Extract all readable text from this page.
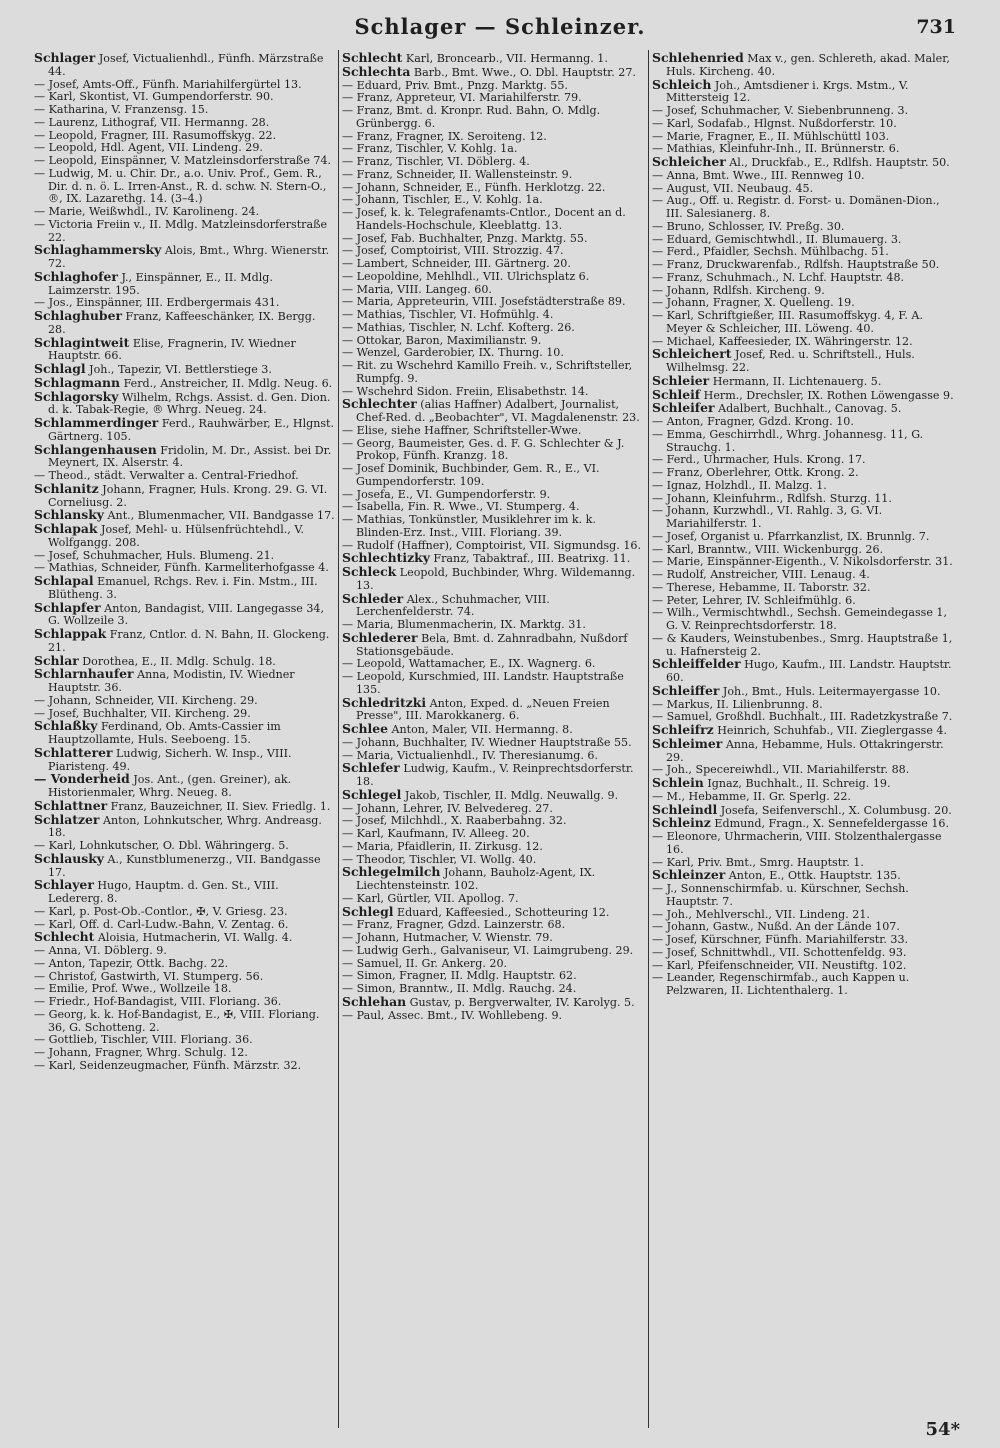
Schlager — Schleinzer.	731

Schlager Josef, Victualienhdl., Fünfh. Märzstraße 44.

— Josef, Amts-Off., Fünfh. Mariahilfergürtel 13.

— Karl, Skontist, VI. Gumpendorferstr. 90.

— Katharina, V. Franzensg. 15.

— Laurenz, Lithograf, VII. Hermanng. 28.

— Leopold, Fragner, III. Rasumoffskyg. 22.

— Leopold, Hdl. Agent, VII. Lindeng. 29.

— Leopold, Einspänner, V. Matzleinsdorferstraße 74.

— Ludwig, M. u. Chir. Dr., a.o. Univ. Prof., Gem. R., Dir. d. n. ö. L. Irren-Anst., R. d. schw. N. Stern-O., ®, IX. Lazarethg. 14. (3–4.)

— Marie, Weißwhdl., IV. Karolineng. 24.

— Victoria Freiin v., II. Mdlg. Matzleinsdorferstraße 22.

Schlaghammersky Alois, Bmt., Whrg. Wienerstr. 72.

Schlaghofer J., Einspänner, E., II. Mdlg. Laimzerstr. 195.

— Jos., Einspänner, III. Erdbergermais 431.

Schlaghuber Franz, Kaffeeschänker, IX. Bergg. 28.

Schlagintweit Elise, Fragnerin, IV. Wiedner Hauptstr. 66.

Schlagl Joh., Tapezir, VI. Bettlerstiege 3.

Schlagmann Ferd., Anstreicher, II. Mdlg. Neug. 6.

Schlagorsky Wilhelm, Rchgs. Assist. d. Gen. Dion. d. k. Tabak-Regie, ® Whrg. Neueg. 24.

Schlammerdinger Ferd., Rauhwärber, E., Hlgnst. Gärtnerg. 105.

Schlangenhausen Fridolin, M. Dr., Assist. bei Dr. Meynert, IX. Alserstr. 4.

— Theod., städt. Verwalter a. Central-Friedhof.

Schlanitz Johann, Fragner, Huls. Krong. 29. G. VI. Corneliusg. 2.

Schlansky Ant., Blumenmacher, VII. Bandgasse 17.

Schlapak Josef, Mehl- u. Hülsenfrüchtehdl., V. Wolfgangg. 208.

— Josef, Schuhmacher, Huls. Blumeng. 21.

— Mathias, Schneider, Fünfh. Karmeliterhofgasse 4.

Schlapal Emanuel, Rchgs. Rev. i. Fin. Mstm., III. Blütheng. 3.

Schlapfer Anton, Bandagist, VIII. Langegasse 34, G. Wollzeile 3.

Schlappak Franz, Cntlor. d. N. Bahn, II. Glockeng. 21.

Schlar Dorothea, E., II. Mdlg. Schulg. 18.

Schlarnhaufer Anna, Modistin, IV. Wiedner Hauptstr. 36.

— Johann, Schneider, VII. Kircheng. 29.

— Josef, Buchhalter, VII. Kircheng. 29.

Schlaßky Ferdinand, Ob. Amts-Cassier im Hauptzollamte, Huls. Seeboeng. 15.

Schlatterer Ludwig, Sicherh. W. Insp., VIII. Piaristeng. 49.

— Vonderheid Jos. Ant., (gen. Greiner), ak. Historienmaler, Whrg. Neueg. 8.

Schlattner Franz, Bauzeichner, II. Siev. Friedlg. 1.

Schlatzer Anton, Lohnkutscher, Whrg. Andreasg. 18.

— Karl, Lohnkutscher, O. Dbl. Währingerg. 5.

Schlausky A., Kunstblumenerzg., VII. Bandgasse 17.

Schlayer Hugo, Hauptm. d. Gen. St., VIII. Ledererg. 8.

— Karl, p. Post-Ob.-Contlor., ✠, V. Griesg. 23.

— Karl, Off. d. Carl-Ludw.-Bahn, V. Zentag. 6.

Schlecht Aloisia, Hutmacherin, VI. Wallg. 4.

— Anna, VI. Döblerg. 9.

— Anton, Tapezir, Ottk. Bachg. 22.

— Christof, Gastwirth, VI. Stumperg. 56.

— Emilie, Prof. Wwe., Wollzeile 18.

— Friedr., Hof-Bandagist, VIII. Floriang. 36.

— Georg, k. k. Hof-Bandagist, E., ✠, VIII. Floriang. 36, G. Schotteng. 2.

— Gottlieb, Tischler, VIII. Floriang. 36.

— Johann, Fragner, Whrg. Schulg. 12.

— Karl, Seidenzeugmacher, Fünfh. Märzstr. 32.

Schlecht Karl, Broncearb., VII. Hermanng. 1.

Schlechta Barb., Bmt. Wwe., O. Dbl. Hauptstr. 27.

— Eduard, Priv. Bmt., Pnzg. Marktg. 55.

— Franz, Appreteur, VI. Mariahilferstr. 79.

— Franz, Bmt. d. Kronpr. Rud. Bahn, O. Mdlg. Grünbergg. 6.

— Franz, Fragner, IX. Seroiteng. 12.

— Franz, Tischler, V. Kohlg. 1a.

— Franz, Tischler, VI. Döblerg. 4.

— Franz, Schneider, II. Wallensteinstr. 9.

— Johann, Schneider, E., Fünfh. Herklotzg. 22.

— Johann, Tischler, E., V. Kohlg. 1a.

— Josef, k. k. Telegrafenamts-Cntlor., Docent an d. Handels-Hochschule, Kleeblattg. 13.

— Josef, Fab. Buchhalter, Pnzg. Marktg. 55.

— Josef, Comptoirist, VIII. Strozzig. 47.

— Lambert, Schneider, III. Gärtnerg. 20.

— Leopoldine, Mehlhdl., VII. Ulrichsplatz 6.

— Maria, VIII. Langeg. 60.

— Maria, Appreteurin, VIII. Josefstädterstraße 89.

— Mathias, Tischler, VI. Hofmühlg. 4.

— Mathias, Tischler, N. Lchf. Kofterg. 26.

— Ottokar, Baron, Maximilianstr. 9.

— Wenzel, Garderobier, IX. Thurng. 10.

— Rit. zu Wschehrd Kamillo Freih. v., Schriftsteller, Rumpfg. 9.

— Wschehrd Sidon. Freiin, Elisabethstr. 14.

Schlechter (alias Haffner) Adalbert, Journalist, Chef-Red. d. „Beobachter", VI. Magdalenenstr. 23.

— Elise, siehe Haffner, Schriftsteller-Wwe.

— Georg, Baumeister, Ges. d. F. G. Schlechter & J. Prokop, Fünfh. Kranzg. 18.

— Josef Dominik, Buchbinder, Gem. R., E., VI. Gumpendorferstr. 109.

— Josefa, E., VI. Gumpendorferstr. 9.

— Isabella, Fin. R. Wwe., VI. Stumperg. 4.

— Mathias, Tonkünstler, Musiklehrer im k. k. Blinden-Erz. Inst., VIII. Floriang. 39.

— Rudolf (Haffner), Comptoirist, VII. Sigmundsg. 16.

Schlechtizky Franz, Tabaktraf., III. Beatrixg. 11.

Schleck Leopold, Buchbinder, Whrg. Wildemanng. 13.

Schleder Alex., Schuhmacher, VIII. Lerchenfelderstr. 74.

— Maria, Blumenmacherin, IX. Marktg. 31.

Schlederer Bela, Bmt. d. Zahnradbahn, Nußdorf Stationsgebäude.

— Leopold, Wattamacher, E., IX. Wagnerg. 6.

— Leopold, Kurschmied, III. Landstr. Hauptstraße 135.

Schledritzki Anton, Exped. d. „Neuen Freien Presse", III. Marokkanerg. 6.

Schlee Anton, Maler, VII. Hermanng. 8.

— Johann, Buchhalter, IV. Wiedner Hauptstraße 55.

— Maria, Victualienhdl., IV. Theresianumg. 6.

Schlefer Ludwig, Kaufm., V. Reinprechtsdorferstr. 18.

Schlegel Jakob, Tischler, II. Mdlg. Neuwallg. 9.

— Johann, Lehrer, IV. Belvedereg. 27.

— Josef, Milchhdl., X. Raaberbahng. 32.

— Karl, Kaufmann, IV. Alleeg. 20.

— Maria, Pfaidlerin, II. Zirkusg. 12.

— Theodor, Tischler, VI. Wollg. 40.

Schlegelmilch Johann, Bauholz-Agent, IX. Liechtensteinstr. 102.

— Karl, Gürtler, VII. Apollog. 7.

Schlegl Eduard, Kaffeesied., Schotteuring 12.

— Franz, Fragner, Gdzd. Lainzerstr. 68.

— Johann, Hutmacher, V. Wienstr. 79.

— Ludwig Gerh., Galvaniseur, VI. Laimgrubeng. 29.

— Samuel, II. Gr. Ankerg. 20.

— Simon, Fragner, II. Mdlg. Hauptstr. 62.

— Simon, Branntw., II. Mdlg. Rauchg. 24.

Schlehan Gustav, p. Bergverwalter, IV. Karolyg. 5.

— Paul, Assec. Bmt., IV. Wohllebeng. 9.

Schlehenried Max v., gen. Schlereth, akad. Maler, Huls. Kircheng. 40.

Schleich Joh., Amtsdiener i. Krgs. Mstm., V. Mittersteig 12.

— Josef, Schuhmacher, V. Siebenbrunneng. 3.

— Karl, Sodafab., Hlgnst. Nußdorferstr. 10.

— Marie, Fragner, E., II. Mühlschüttl 103.

— Mathias, Kleinfuhr-Inh., II. Brünnerstr. 6.

Schleicher Al., Druckfab., E., Rdlfsh. Hauptstr. 50.

— Anna, Bmt. Wwe., III. Rennweg 10.

— August, VII. Neubaug. 45.

— Aug., Off. u. Registr. d. Forst- u. Domänen-Dion., III. Salesianerg. 8.

— Bruno, Schlosser, IV. Preßg. 30.

— Eduard, Gemischtwhdl., II. Blumauerg. 3.

— Ferd., Pfaidler, Sechsh. Mühlbachg. 51.

— Franz, Druckwarenfab., Rdlfsh. Hauptstraße 50.

— Franz, Schuhmach., N. Lchf. Hauptstr. 48.

— Johann, Rdlfsh. Kircheng. 9.

— Johann, Fragner, X. Quelleng. 19.

— Karl, Schriftgießer, III. Rasumoffskyg. 4, F. A. Meyer & Schleicher, III. Löweng. 40.

— Michael, Kaffeesieder, IX. Währingerstr. 12.

Schleichert Josef, Red. u. Schriftstell., Huls. Wilhelmsg. 22.

Schleier Hermann, II. Lichtenauerg. 5.

Schleif Herm., Drechsler, IX. Rothen Löwengasse 9.

Schleifer Adalbert, Buchhalt., Canovag. 5.

— Anton, Fragner, Gdzd. Krong. 10.

— Emma, Geschirrhdl., Whrg. Johannesg. 11, G. Strauchg. 1.

— Ferd., Uhrmacher, Huls. Krong. 17.

— Franz, Oberlehrer, Ottk. Krong. 2.

— Ignaz, Holzhdl., II. Malzg. 1.

— Johann, Kleinfuhrm., Rdlfsh. Sturzg. 11.

— Johann, Kurzwhdl., VI. Rahlg. 3, G. VI. Mariahilferstr. 1.

— Josef, Organist u. Pfarrkanzlist, IX. Brunnlg. 7.

— Karl, Branntw., VIII. Wickenburgg. 26.

— Marie, Einspänner-Eigenth., V. Nikolsdorferstr. 31.

— Rudolf, Anstreicher, VIII. Lenaug. 4.

— Therese, Hebamme, II. Taborstr. 32.

— Peter, Lehrer, IV. Schleifmühlg. 6.

— Wilh., Vermischtwhdl., Sechsh. Gemeindegasse 1, G. V. Reinprechtsdorferstr. 18.

— & Kauders, Weinstubenbes., Smrg. Hauptstraße 1, u. Hafnersteig 2.

Schleiffelder Hugo, Kaufm., III. Landstr. Hauptstr. 60.

Schleiffer Joh., Bmt., Huls. Leitermayergasse 10.

— Markus, II. Lilienbrunng. 8.

— Samuel, Großhdl. Buchhalt., III. Radetzkystraße 7.

Schleifrz Heinrich, Schuhfab., VII. Zieglergasse 4.

Schleimer Anna, Hebamme, Huls. Ottakringerstr. 29.

— Joh., Specereiwhdl., VII. Mariahilferstr. 88.

Schlein Ignaz, Buchhalt., II. Schreig. 19.

— M., Hebamme, II. Gr. Sperlg. 22.

Schleindl Josefa, Seifenverschl., X. Columbusg. 20.

Schleinz Edmund, Fragn., X. Sennefeldergasse 16.

— Eleonore, Uhrmacherin, VIII. Stolzenthalergasse 16.

— Karl, Priv. Bmt., Smrg. Hauptstr. 1.

Schleinzer Anton, E., Ottk. Hauptstr. 135.

— J., Sonnenschirmfab. u. Kürschner, Sechsh. Hauptstr. 7.

— Joh., Mehlverschl., VII. Lindeng. 21.

— Johann, Gastw., Nußd. An der Lände 107.

— Josef, Kürschner, Fünfh. Mariahilferstr. 33.

— Josef, Schnittwhdl., VII. Schottenfeldg. 93.

— Karl, Pfeifenschneider, VII. Neustiftg. 102.

— Leander, Regenschirmfab., auch Kappen u. Pelzwaren, II. Lichtenthalerg. 1.

54*
